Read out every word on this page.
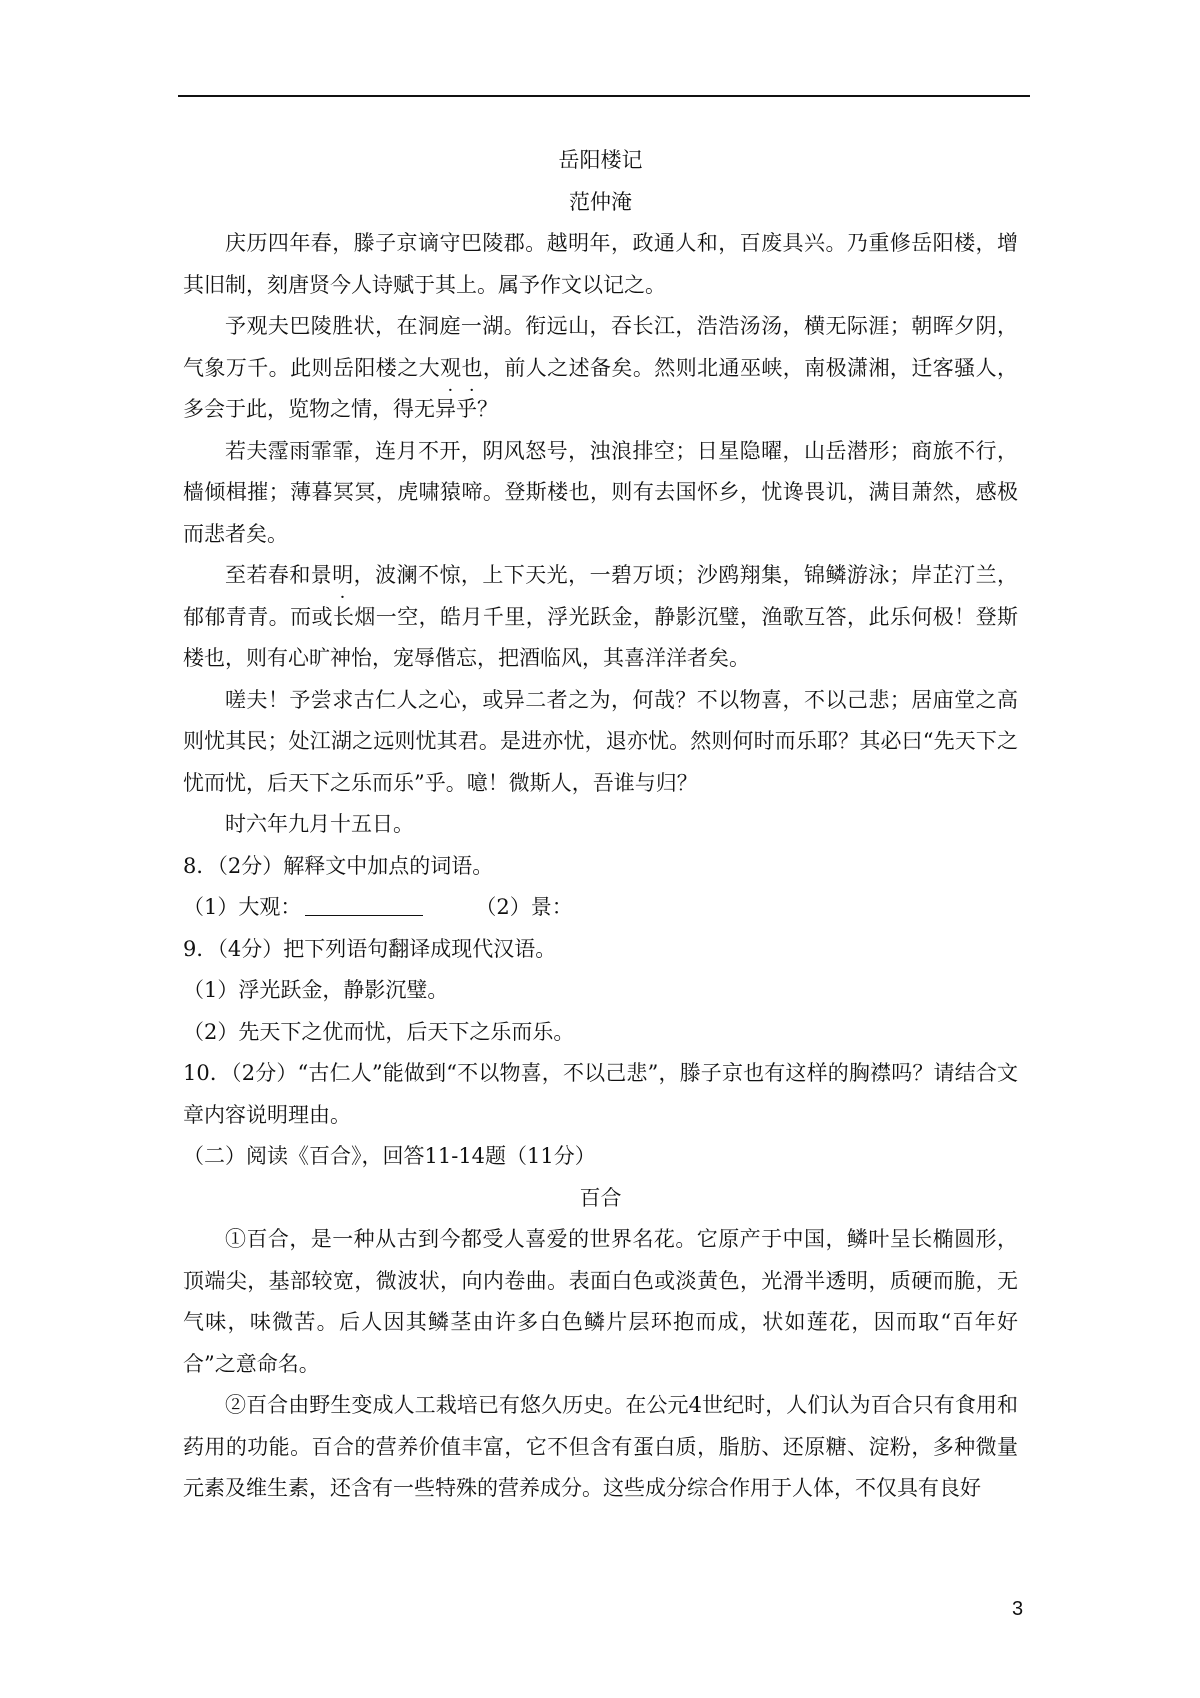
岳阳楼记
范仲淹
庆历四年春，滕子京谪守巴陵郡。越明年，政通人和，百废具兴。乃重修岳阳楼，增其旧制，刻唐贤今人诗赋于其上。属予作文以记之。
予观夫巴陵胜状，在洞庭一湖。衔远山，吞长江，浩浩汤汤，横无际涯；朝晖夕阴，气象万千。此则岳阳楼之大观也，前人之述备矣。然则北通巫峡，南极潇湘，迁客骚人，多会于此，览物之情，得无异乎？
若夫霪雨霏霏，连月不开，阴风怒号，浊浪排空；日星隐曜，山岳潜形；商旅不行，樯倾楫摧；薄暮冥冥，虎啸猿啼。登斯楼也，则有去国怀乡，忧谗畏讥，满目萧然，感极而悲者矣。
至若春和景明，波澜不惊，上下天光，一碧万顷；沙鸥翔集，锦鳞游泳；岸芷汀兰，郁郁青青。而或长烟一空，皓月千里，浮光跃金，静影沉璧，渔歌互答，此乐何极！登斯楼也，则有心旷神怡，宠辱偕忘，把酒临风，其喜洋洋者矣。
嗟夫！予尝求古仁人之心，或异二者之为，何哉？不以物喜，不以己悲；居庙堂之高则忧其民；处江湖之远则忧其君。是进亦忧，退亦忧。然则何时而乐耶？其必曰“先天下之忧而忧，后天下之乐而乐”乎。噫！微斯人，吾谁与归？
时六年九月十五日。
8．（2分）解释文中加点的词语。
（1）大观：	（2）景：
9．（4分）把下列语句翻译成现代汉语。
（1）浮光跃金，静影沉璧。
（2）先天下之优而忧，后天下之乐而乐。
10．（2分）“古仁人”能做到“不以物喜，不以己悲”，滕子京也有这样的胸襟吗？请结合文章内容说明理由。
（二）阅读《百合》，回答11-14题（11分）
百合
①百合，是一种从古到今都受人喜爱的世界名花。它原产于中国，鳞叶呈长椭圆形，顶端尖，基部较宽，微波状，向内卷曲。表面白色或淡黄色，光滑半透明，质硬而脆，无气味，味微苦。后人因其鳞茎由许多白色鳞片层环抱而成，状如莲花，因而取“百年好合”之意命名。
②百合由野生变成人工栽培已有悠久历史。在公元4世纪时，人们认为百合只有食用和药用的功能。百合的营养价值丰富，它不但含有蛋白质，脂肪、还原糖、淀粉，多种微量元素及维生素，还含有一些特殊的营养成分。这些成分综合作用于人体，不仅具有良好
3
